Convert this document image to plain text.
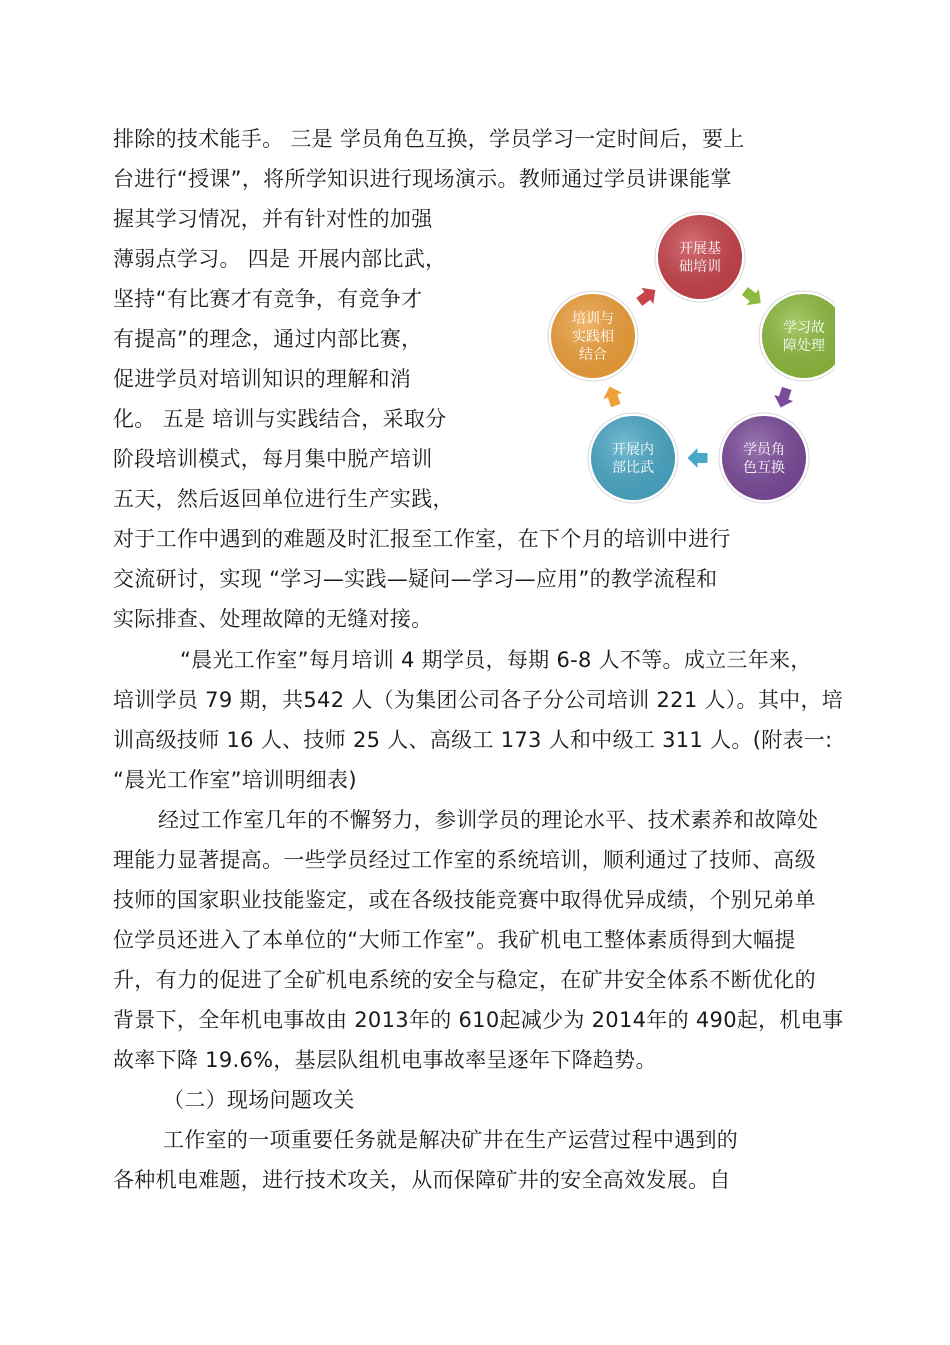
排除的技术能手。 三是 学员角色互换，学员学习一定时间后，要上
台进行“授课”，将所学知识进行现场演示。教师通过学员讲课能掌
握其学习情况，并有针对性的加强
薄弱点学习。 四是 开展内部比武，
坚持“有比赛才有竞争，有竞争才
有提高”的理念，通过内部比赛，
促进学员对培训知识的理解和消
化。 五是 培训与实践结合，采取分
阶段培训模式，每月集中脱产培训
五天，然后返回单位进行生产实践，
对于工作中遇到的难题及时汇报至工作室，在下个月的培训中进行
交流研讨，实现 “学习—实践—疑问—学习—应用”的教学流程和
实际排查、处理故障的无缝对接。
“晨光工作室”每月培训 4 期学员，每期 6-8 人不等。成立三年来，
培训学员 79 期，共542 人（为集团公司各子分公司培训 221 人）。其中，培
训高级技师 16 人、技师 25 人、高级工 173 人和中级工 311 人。(附表一:
“晨光工作室”培训明细表)
经过工作室几年的不懈努力，参训学员的理论水平、技术素养和故障处
理能力显著提高。一些学员经过工作室的系统培训，顺利通过了技师、高级
技师的国家职业技能鉴定，或在各级技能竞赛中取得优异成绩，个别兄弟单
位学员还进入了本单位的“大师工作室”。我矿机电工整体素质得到大幅提
升，有力的促进了全矿机电系统的安全与稳定，在矿井安全体系不断优化的
背景下，全年机电事故由 2013年的 610起减少为 2014年的 490起，机电事
故率下降 19.6%，基层队组机电事故率呈逐年下降趋势。
（二）现场问题攻关
工作室的一项重要任务就是解决矿井在生产运营过程中遇到的
各种机电难题，进行技术攻关，从而保障矿井的安全高效发展。自
开展基
础培训
学习故
障处理
学员角
色互换
开展内
部比武
培训与
实践相
结合
